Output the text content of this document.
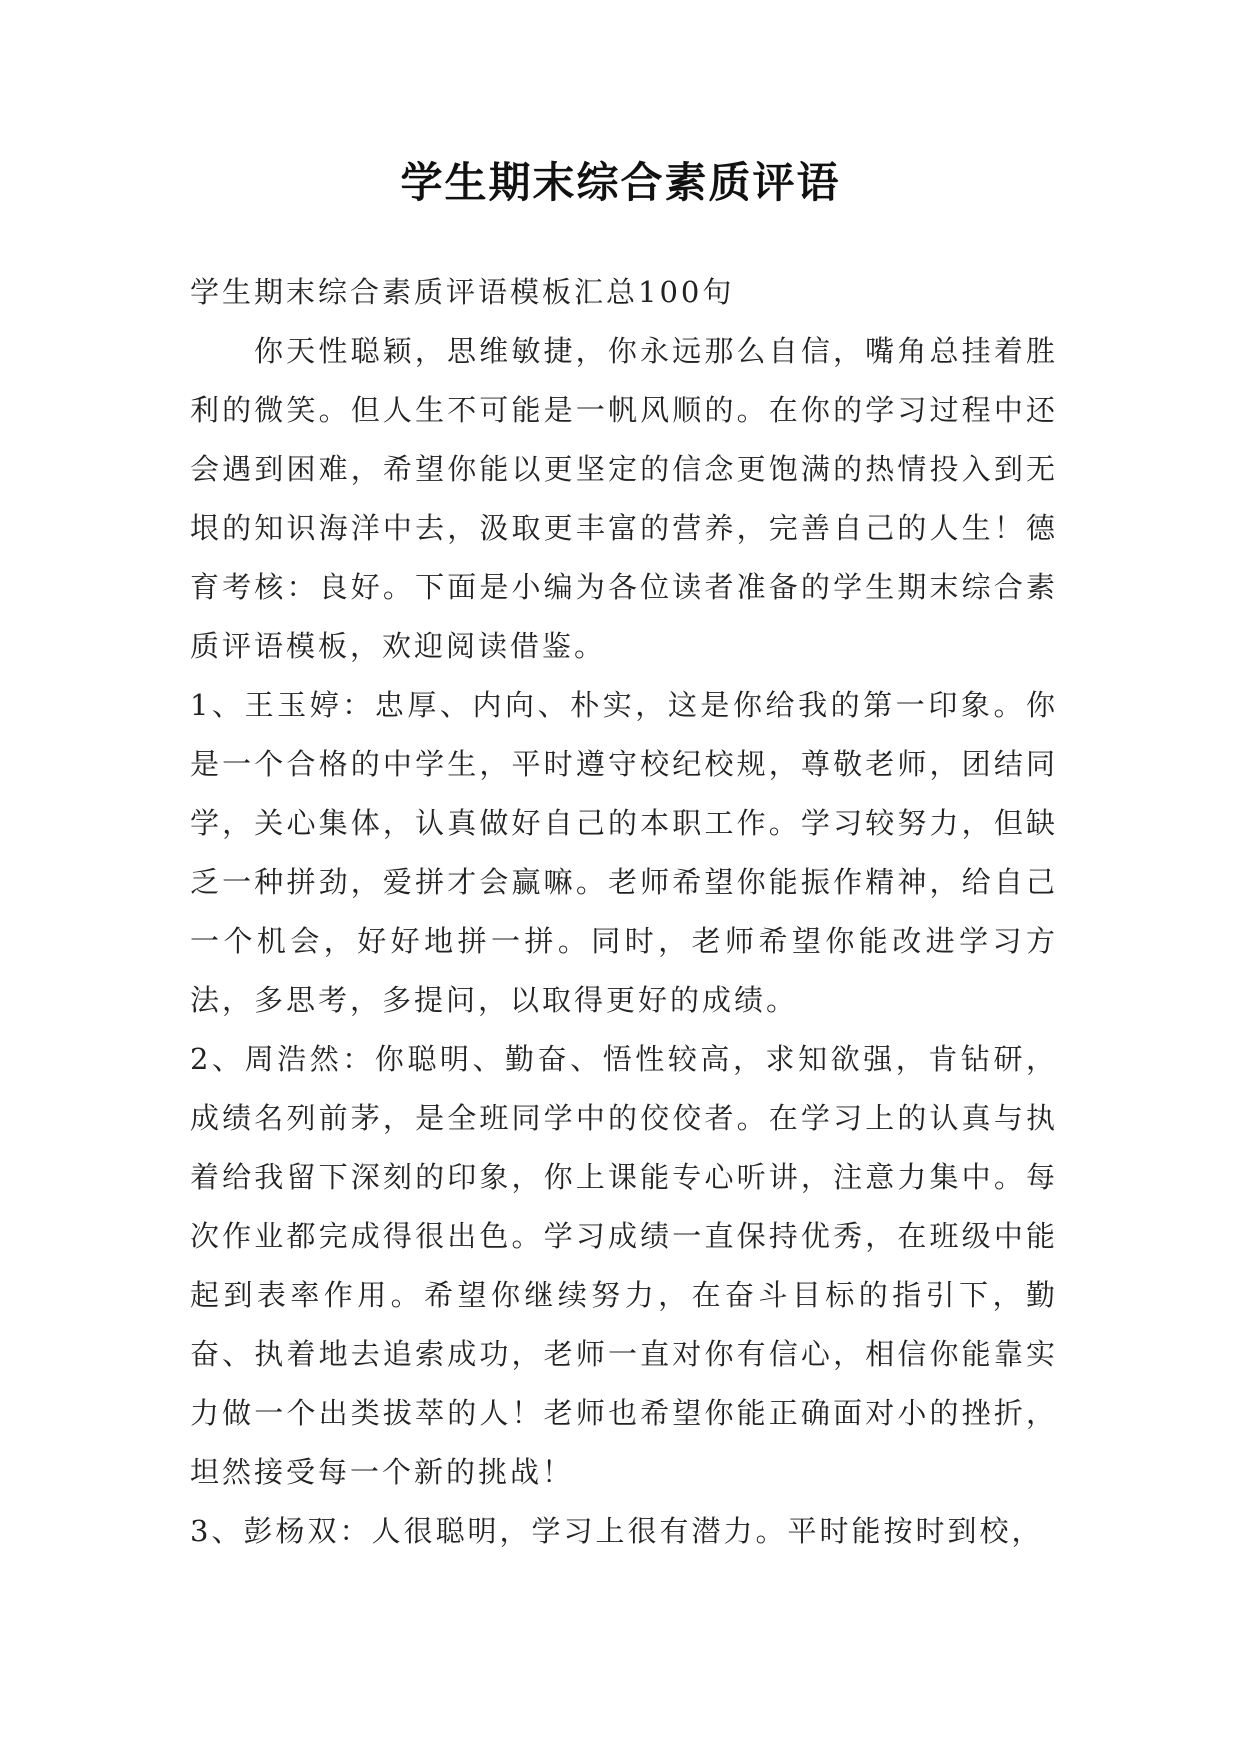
学生期末综合素质评语

学生期末综合素质评语模板汇总100句

你天性聪颖，思维敏捷，你永远那么自信，嘴角总挂着胜利的微笑。但人生不可能是一帆风顺的。在你的学习过程中还会遇到困难，希望你能以更坚定的信念更饱满的热情投入到无垠的知识海洋中去，汲取更丰富的营养，完善自己的人生！德育考核：良好。下面是小编为各位读者准备的学生期末综合素质评语模板，欢迎阅读借鉴。

1、王玉婷：忠厚、内向、朴实，这是你给我的第一印象。你是一个合格的中学生，平时遵守校纪校规，尊敬老师，团结同学，关心集体，认真做好自己的本职工作。学习较努力，但缺乏一种拼劲，爱拼才会赢嘛。老师希望你能振作精神，给自己一个机会，好好地拼一拼。同时，老师希望你能改进学习方法，多思考，多提问，以取得更好的成绩。

2、周浩然：你聪明、勤奋、悟性较高，求知欲强，肯钻研，成绩名列前茅，是全班同学中的佼佼者。在学习上的认真与执着给我留下深刻的印象，你上课能专心听讲，注意力集中。每次作业都完成得很出色。学习成绩一直保持优秀，在班级中能起到表率作用。希望你继续努力，在奋斗目标的指引下，勤奋、执着地去追索成功，老师一直对你有信心，相信你能靠实力做一个出类拔萃的人！老师也希望你能正确面对小的挫折，坦然接受每一个新的挑战！

3、彭杨双：人很聪明，学习上很有潜力。平时能按时到校，
